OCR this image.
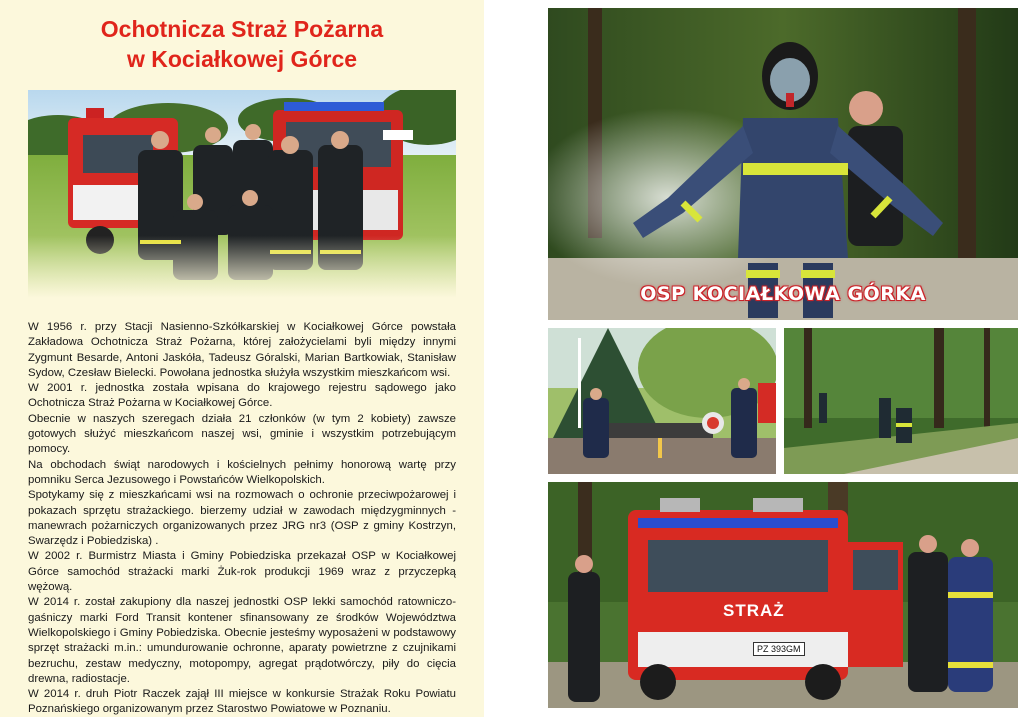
Ochotnicza Straż Pożarna
w Kociałkowej Górce

W 1956 r. przy Stacji Nasienno-Szkółkarskiej w Kociałkowej Górce powstała Zakładowa Ochotnicza Straż Pożarna, której założycielami byli między innymi Zygmunt Besarde, Antoni Jaskóła, Tadeusz Góralski, Marian Bartkowiak, Stanisław Sydow, Czesław Bielecki. Powołana jednostka służyła wszystkim mieszkańcom wsi.

W 2001 r. jednostka została wpisana do krajowego rejestru sądowego jako Ochotnicza Straż Pożarna w Kociałkowej Górce.

Obecnie w naszych szeregach działa 21 członków (w tym 2 kobiety) zawsze gotowych służyć mieszkańcom naszej wsi, gminie i wszystkim potrzebującym pomocy.

Na obchodach świąt narodowych i kościelnych pełnimy honorową wartę przy pomniku Serca Jezusowego i Powstańców Wielkopolskich.

Spotykamy się z mieszkańcami wsi na rozmowach o ochronie przeciwpożarowej i pokazach sprzętu strażackiego. bierzemy udział w zawodach międzygminnych - manewrach pożarniczych organizowanych przez JRG nr3 (OSP z gminy Kostrzyn, Swarzędz i Pobiedziska) .

W 2002 r. Burmistrz Miasta i Gminy Pobiedziska przekazał OSP w Kociałkowej Górce samochód strażacki marki Żuk-rok produkcji 1969 wraz z przyczepką wężową.

W 2014 r. został zakupiony dla naszej jednostki OSP lekki samochód ratowniczo-gaśniczy marki Ford Transit kontener sfinansowany ze środków Województwa Wielkopolskiego i Gminy Pobiedziska. Obecnie jesteśmy wyposażeni w podstawowy sprzęt strażacki m.in.: umundurowanie ochronne, aparaty powietrzne z czujnikami bezruchu, zestaw medyczny, motopompy, agregat prądotwórczy, piły do cięcia drewna, radiostacje.

W 2014 r. druh Piotr Raczek zajął III miejsce w konkursie Strażak Roku Powiatu Poznańskiego organizowanym przez Starostwo Powiatowe w Poznaniu.

OSP KOCIAŁKOWA GÓRKA
STRAŻ
PZ 393GM
